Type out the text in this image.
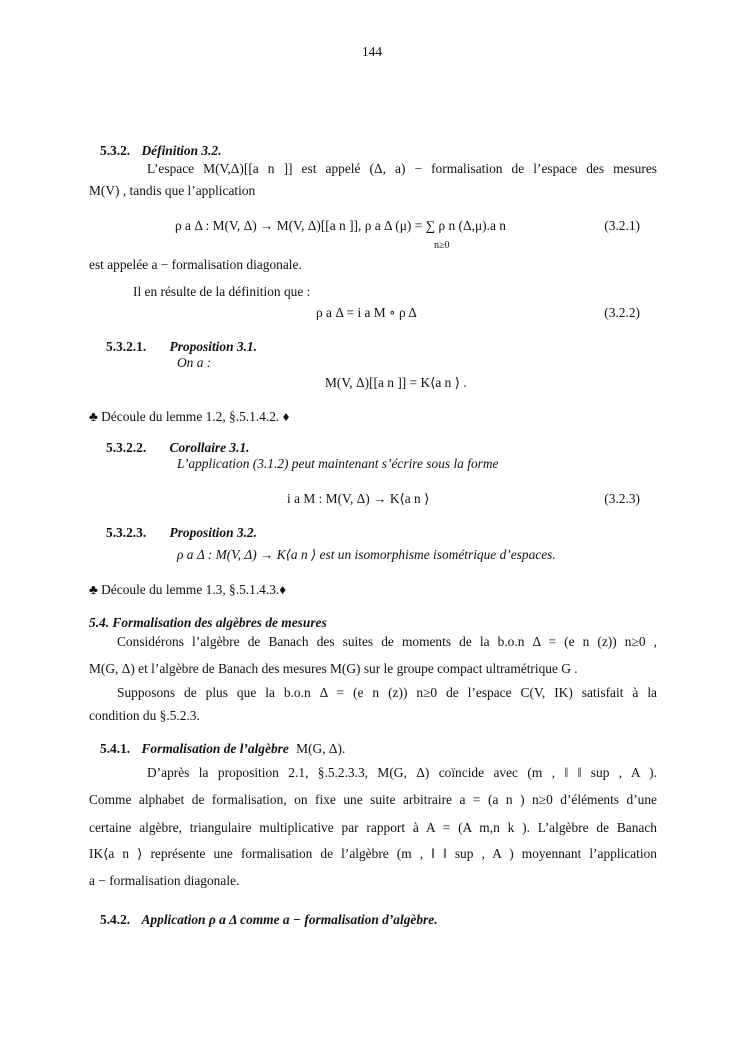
144
5.3.2. Définition 3.2.
L’espace M(V,Δ)[[a n ]] est appelé (Δ, a) − formalisation de l’espace des mesures
M(V) , tandis que l’application
ρ a Δ : M(V, Δ) → M(V, Δ)[[a n ]], ρ a Δ (μ) = ∑ ρ n (Δ,μ).a n
n≥0
(3.2.1)
est appelée a − formalisation diagonale.
Il en résulte de la définition que :
ρ a Δ = i a M ∘ ρ Δ	(3.2.2)
5.3.2.1. Proposition 3.1.
On a :
M(V, Δ)[[a n ]] = K⟨a n ⟩ .
♣ Découle du lemme 1.2, §.5.1.4.2. ♦
5.3.2.2. Corollaire 3.1.
L’application (3.1.2) peut maintenant s’écrire sous la forme
i a M : M(V, Δ) → K⟨a n ⟩	(3.2.3)
5.3.2.3. Proposition 3.2.
ρ a Δ : M(V, Δ) → K⟨a n ⟩ est un isomorphisme isométrique d’espaces.
♣ Découle du lemme 1.3, §.5.1.4.3.♦
5.4. Formalisation des algèbres de mesures
Considérons l’algèbre de Banach des suites de moments de la b.o.n Δ = (e n (z)) n≥0 ,
M(G, Δ) et l’algèbre de Banach des mesures M(G) sur le groupe compact ultramétrique G .
Supposons de plus que la b.o.n Δ = (e n (z)) n≥0 de l’espace C(V, IK) satisfait à la
condition du §.5.2.3.
5.4.1. Formalisation de l’algèbre M(G, Δ).
D’après la proposition 2.1, §.5.2.3.3, M(G, Δ) coïncide avec (m , ‖ ‖ sup , A ).
Comme alphabet de formalisation, on fixe une suite arbitraire a = (a n ) n≥0 d’éléments d’une
certaine algèbre, triangulaire multiplicative par rapport à A = (A m,n k ). L’algèbre de Banach
IK⟨a n ⟩ représente une formalisation de l’algèbre (m , ‖ ‖ sup , A ) moyennant l’application
a − formalisation diagonale.
5.4.2. Application ρ a Δ comme a − formalisation d’algèbre.
